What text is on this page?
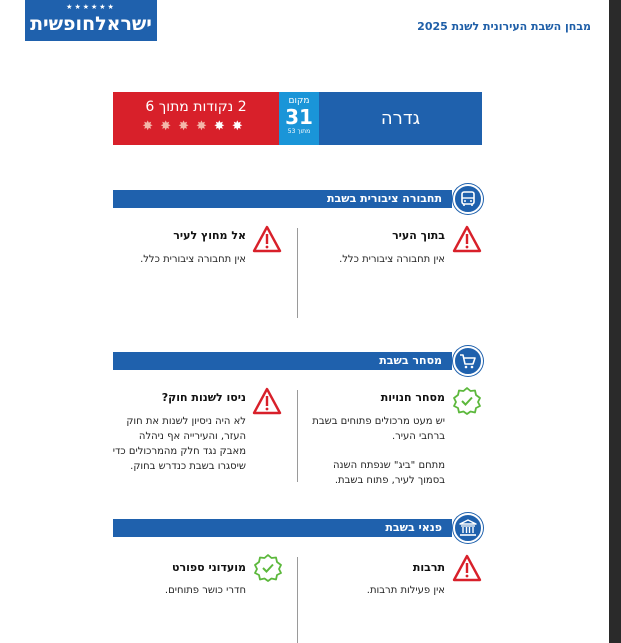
★★★★★★
ישראלחופשית	מבחן השבת העירונית לשנת 2025
גדרה
מקום
31
מתוך 53
2 נקודות מתוך 6
✸✸✸✸✸✸
תחבורה ציבורית בשבת
בתוך העיר
אין תחבורה ציבורית כלל.
אל מחוץ לעיר
אין תחבורה ציבורית כלל.
מסחר בשבת
מסחר חנויות
יש מעט מרכולים פתוחים בשבת ברחבי העיר.
מתחם "ביג" שנפתח השנה בסמוך לעיר, פתוח בשבת.
ניסו לשנות חוק?
לא היה ניסיון לשנות את חוק העזר, והעירייה אף ניהלה מאבק נגד חלק מהמרכולים כדי שיסגרו בשבת כנדרש בחוק.
פנאי בשבת
תרבות
אין פעילות תרבות.
מועדוני ספורט
חדרי כושר פתוחים.
